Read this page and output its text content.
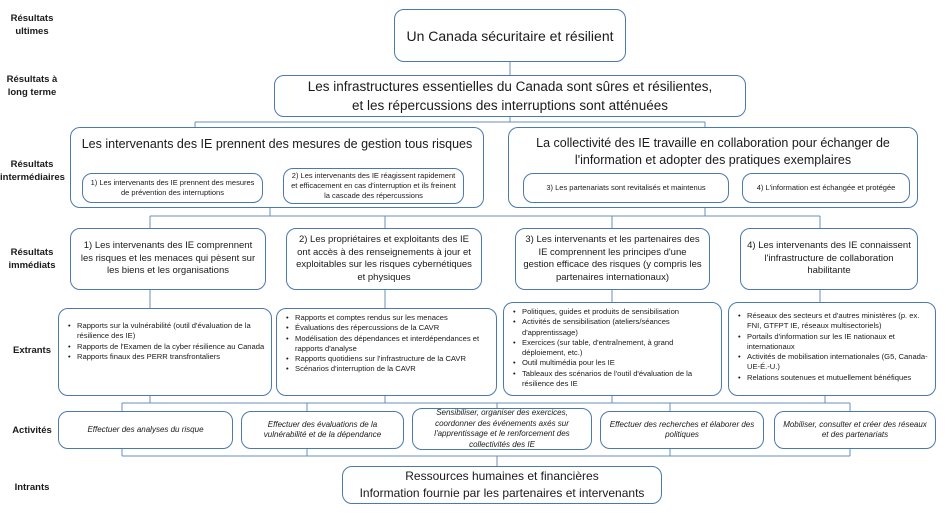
Résultats ultimes
Résultats à long terme
Résultats intermédiaires
Résultats immédiats
Extrants
Activités
Intrants
Un Canada sécuritaire et résilient
Les infrastructures essentielles du Canada sont sûres et résilientes,
et les répercussions des interruptions sont atténuées
Les intervenants des IE prennent des mesures de gestion tous risques
1) Les intervenants des IE prennent des mesures de prévention des interruptions
2) Les intervenants des IE réagissent rapidement et efficacement en cas d'interruption et ils freinent la cascade des répercussions
La collectivité des IE travaille en collaboration pour échanger de l'information et adopter des pratiques exemplaires
3) Les partenariats sont revitalisés et maintenus	4) L'information est échangée et protégée
1) Les intervenants des IE comprennent les risques et les menaces qui pèsent sur les biens et les organisations
2) Les propriétaires et exploitants des IE ont accès à des renseignements à jour et exploitables sur les risques cybernétiques et physiques
3) Les intervenants et les partenaires des IE comprennent les principes d'une gestion efficace des risques (y compris les partenaires internationaux)
4) Les intervenants des IE connaissent l'infrastructure de collaboration habilitante
• Rapports sur la vulnérabilité (outil d'évaluation de la résilience des IE)
• Rapports de l'Examen de la cyber résilience au Canada
• Rapports finaux des PERR transfrontaliers
• Rapports et comptes rendus sur les menaces
• Évaluations des répercussions de la CAVR
• Modélisation des dépendances et interdépendances et rapports d'analyse
• Rapports quotidiens sur l'infrastructure de la CAVR
• Scénarios d'interruption de la CAVR
• Politiques, guides et produits de sensibilisation
• Activités de sensibilisation (ateliers/séances d'apprentissage)
• Exercices (sur table, d'entraînement, à grand déploiement, etc.)
• Outil multimédia pour les IE
• Tableaux des scénarios de l'outil d'évaluation de la résilience des IE
• Réseaux des secteurs et d'autres ministères (p. ex. FNI, GTFPT IE, réseaux multisectoriels)
• Portails d'information sur les IE nationaux et internationaux
• Activités de mobilisation internationales (G5, Canada-UE-É.-U.)
• Relations soutenues et mutuellement bénéfiques
Effectuer des analyses du risque
Effectuer des évaluations de la vulnérabilité et de la dépendance
Sensibiliser, organiser des exercices, coordonner des événements axés sur l'apprentissage et le renforcement des collectivités des IE
Effectuer des recherches et élaborer des politiques
Mobiliser, consulter et créer des réseaux et des partenariats
Ressources humaines et financières
Information fournie par les partenaires et intervenants
